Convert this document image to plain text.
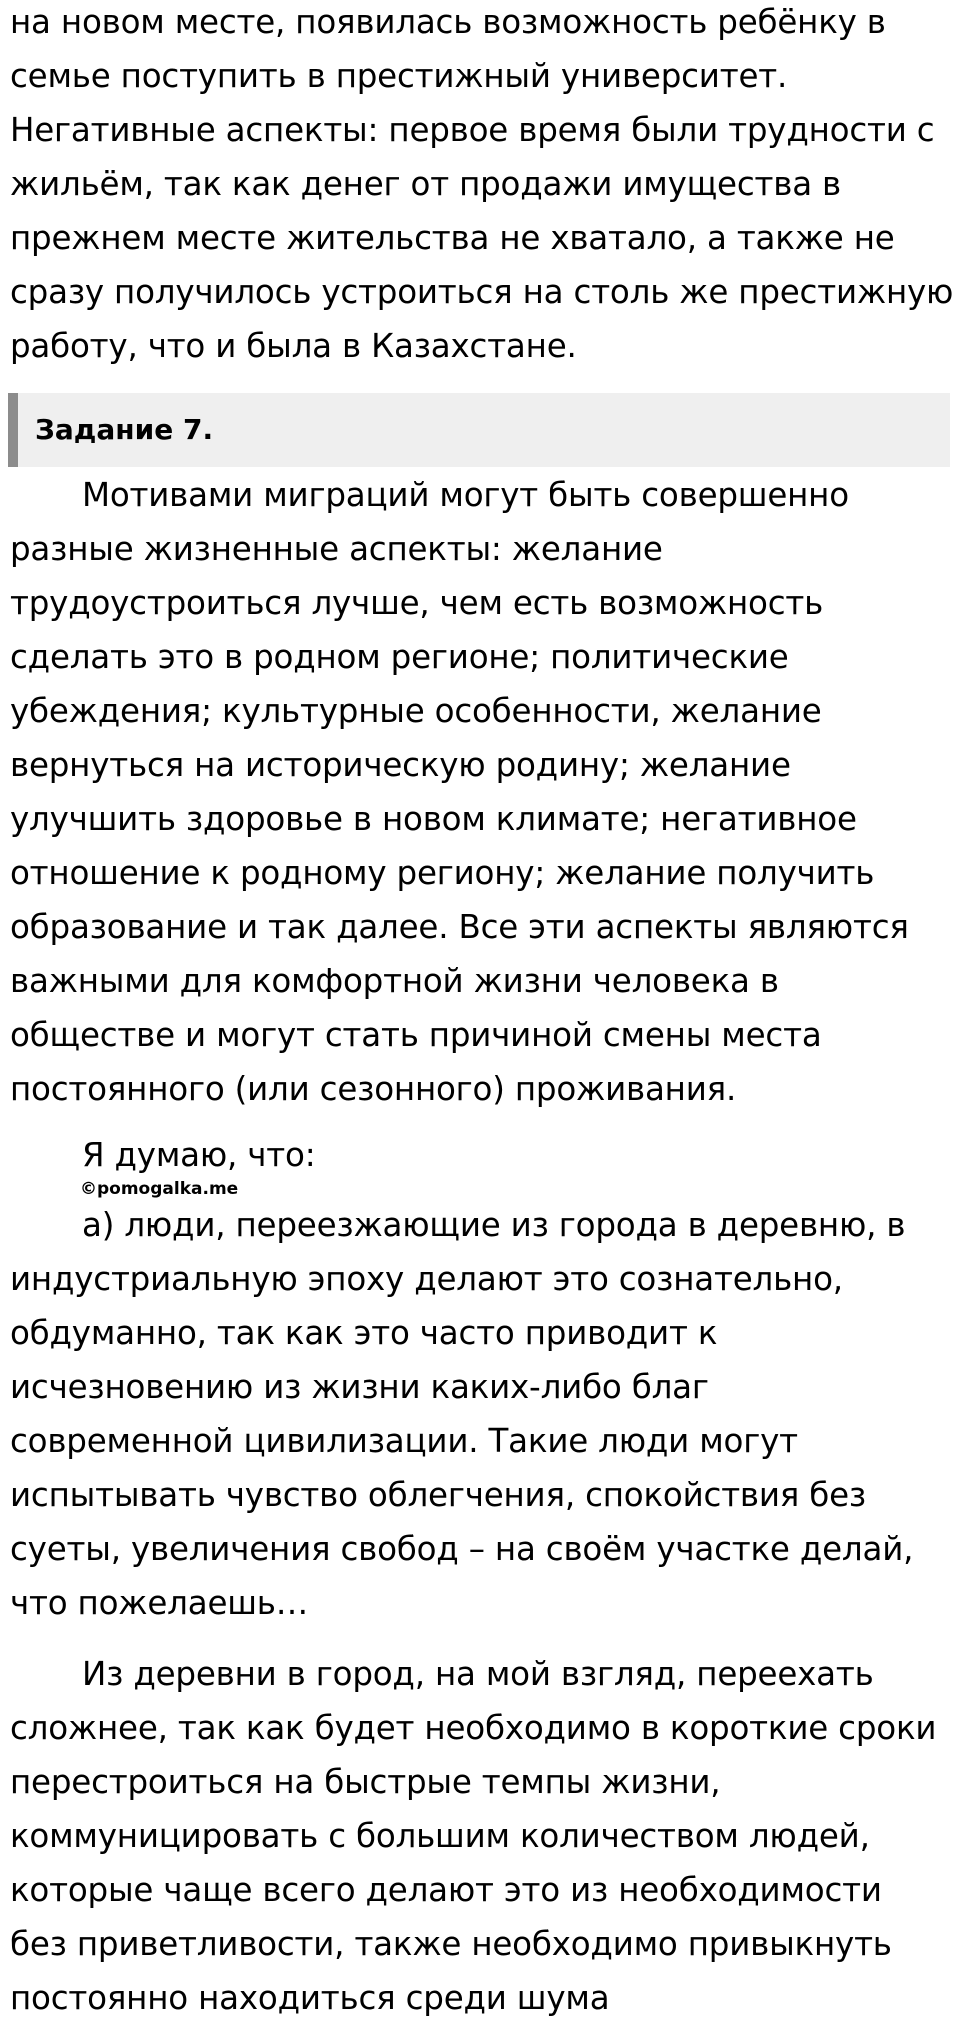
на новом месте, появилась возможность ребёнку в
семье поступить в престижный университет.
Негативные аспекты: первое время были трудности с
жильём, так как денег от продажи имущества в
прежнем месте жительства не хватало, а также не
сразу получилось устроиться на столь же престижную
работу, что и была в Казахстане.
Задание 7.
Мотивами миграций могут быть совершенно
разные жизненные аспекты: желание
трудоустроиться лучше, чем есть возможность
сделать это в родном регионе; политические
убеждения; культурные особенности, желание
вернуться на историческую родину; желание
улучшить здоровье в новом климате; негативное
отношение к родному региону; желание получить
образование и так далее. Все эти аспекты являются
важными для комфортной жизни человека в
обществе и могут стать причиной смены места
постоянного (или сезонного) проживания.
Я думаю, что:
©pomogalka.me
а) люди, переезжающие из города в деревню, в
индустриальную эпоху делают это сознательно,
обдуманно, так как это часто приводит к
исчезновению из жизни каких-либо благ
современной цивилизации. Такие люди могут
испытывать чувство облегчения, спокойствия без
суеты, увеличения свобод – на своём участке делай,
что пожелаешь…
Из деревни в город, на мой взгляд, переехать
сложнее, так как будет необходимо в короткие сроки
перестроиться на быстрые темпы жизни,
коммуницировать с большим количеством людей,
которые чаще всего делают это из необходимости
без приветливости, также необходимо привыкнуть
постоянно находиться среди шума
